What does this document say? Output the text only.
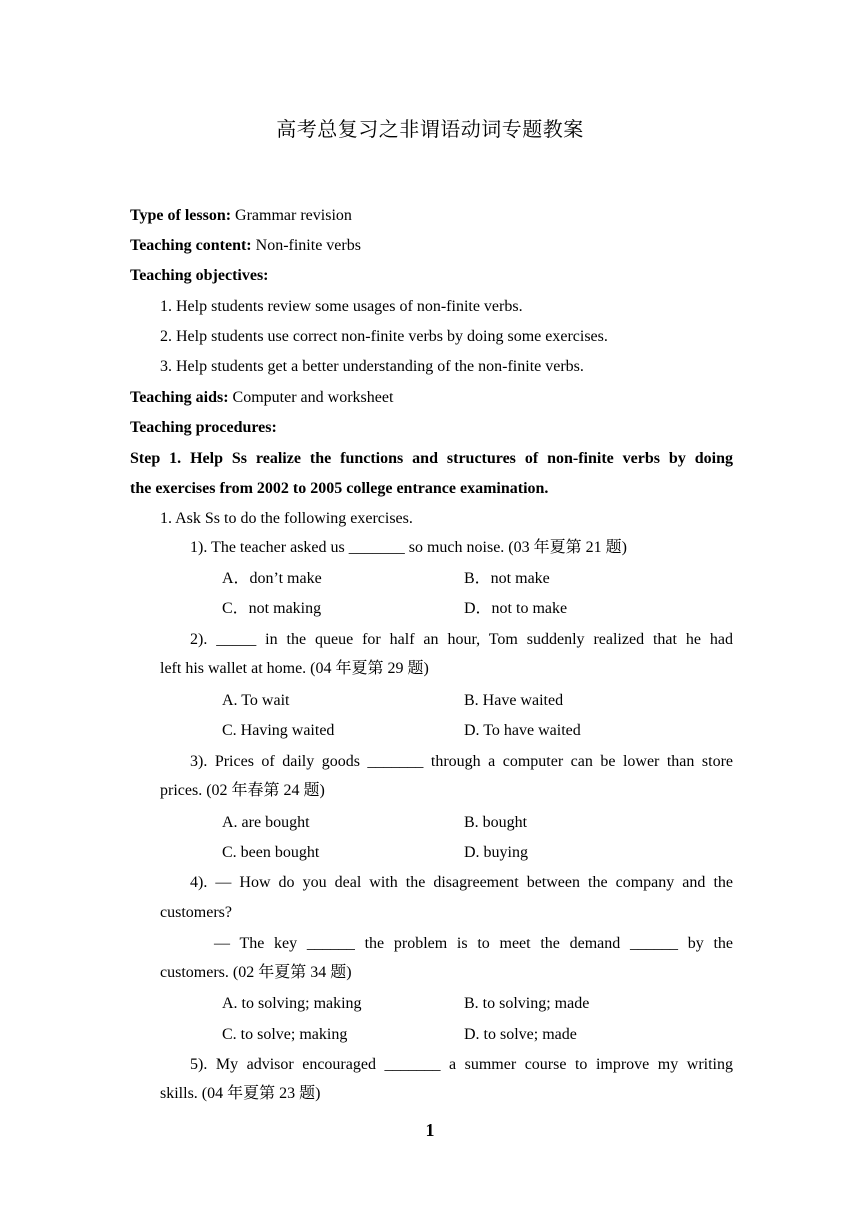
高考总复习之非谓语动词专题教案
Type of lesson: Grammar revision
Teaching content: Non-finite verbs
Teaching objectives:
1. Help students review some usages of non-finite verbs.
2. Help students use correct non-finite verbs by doing some exercises.
3. Help students get a better understanding of the non-finite verbs.
Teaching aids: Computer and worksheet
Teaching procedures:
Step 1. Help Ss realize the functions and structures of non-finite verbs by doing
the exercises from 2002 to 2005 college entrance examination.
1. Ask Ss to do the following exercises.
1). The teacher asked us _______ so much noise. (03 年夏第 21 题)
A．don’t make	B．not make
C．not making	D．not to make
2). _____ in the queue for half an hour, Tom suddenly realized that he had
left his wallet at home. (04 年夏第 29 题)
A. To wait	B. Have waited
C. Having waited	D. To have waited
3). Prices of daily goods _______ through a computer can be lower than store
prices. (02 年春第 24 题)
A. are bought	B. bought
C. been bought	D. buying
4). ― How do you deal with the disagreement between the company and the
customers?
― The key ______ the problem is to meet the demand ______ by the
customers. (02 年夏第 34 题)
A. to solving; making	B. to solving; made
C. to solve; making	D. to solve; made
5). My advisor encouraged _______ a summer course to improve my writing
skills. (04 年夏第 23 题)
1
